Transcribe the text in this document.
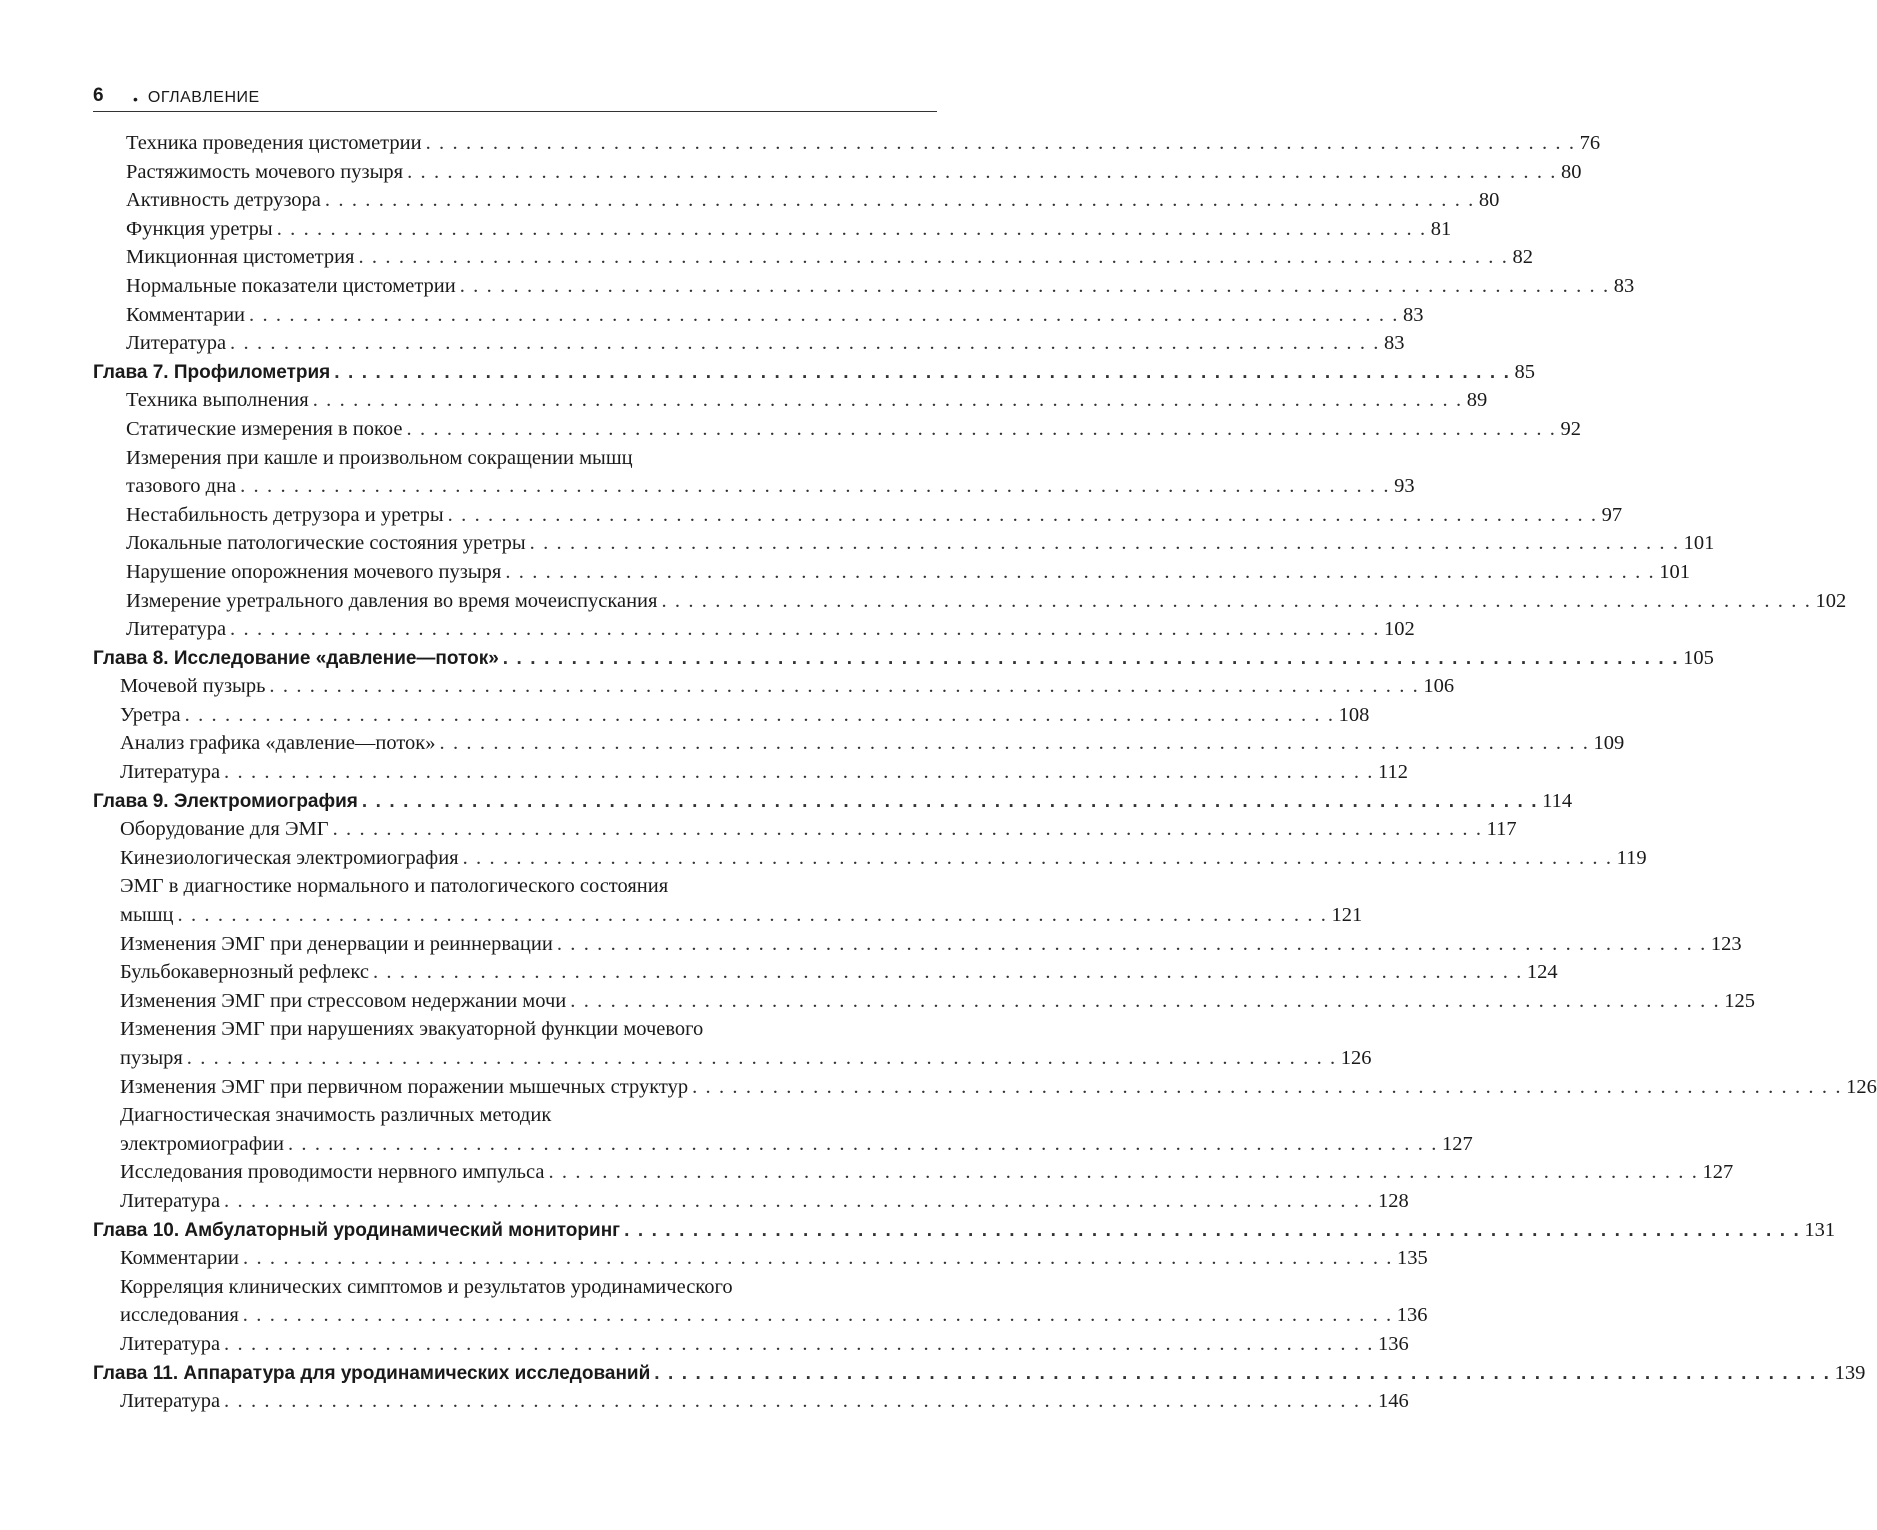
6	• ОГЛАВЛЕНИЕ
Техника проведения цистометрии . . . . . . . . . . . . . . . . . . . . . . . . . . . . . . . . . . . . . . . . . . . . . . . . . . . . . . . . . . . . . . . . . . . . . . . . . . . . . . . . . . . . . . 76
Растяжимость мочевого пузыря . . . . . . . . . . . . . . . . . . . . . . . . . . . . . . . . . . . . . . . . . . . . . . . . . . . . . . . . . . . . . . . . . . . . . . . . . . . . . . . . . . . . . . 80
Активность детрузора . . . . . . . . . . . . . . . . . . . . . . . . . . . . . . . . . . . . . . . . . . . . . . . . . . . . . . . . . . . . . . . . . . . . . . . . . . . . . . . . . . . . . . 80
Функция уретры . . . . . . . . . . . . . . . . . . . . . . . . . . . . . . . . . . . . . . . . . . . . . . . . . . . . . . . . . . . . . . . . . . . . . . . . . . . . . . . . . . . . . . 81
Микционная цистометрия . . . . . . . . . . . . . . . . . . . . . . . . . . . . . . . . . . . . . . . . . . . . . . . . . . . . . . . . . . . . . . . . . . . . . . . . . . . . . . . . . . . . . . 82
Нормальные показатели цистометрии . . . . . . . . . . . . . . . . . . . . . . . . . . . . . . . . . . . . . . . . . . . . . . . . . . . . . . . . . . . . . . . . . . . . . . . . . . . . . . . . . . . . . . 83
Комментарии . . . . . . . . . . . . . . . . . . . . . . . . . . . . . . . . . . . . . . . . . . . . . . . . . . . . . . . . . . . . . . . . . . . . . . . . . . . . . . . . . . . . . . 83
Литература . . . . . . . . . . . . . . . . . . . . . . . . . . . . . . . . . . . . . . . . . . . . . . . . . . . . . . . . . . . . . . . . . . . . . . . . . . . . . . . . . . . . . . 83
Глава 7. Профилометрия . . . . . . . . . . . . . . . . . . . . . . . . . . . . . . . . . . . . . . . . . . . . . . . . . . . . . . . . . . . . . . . . . . . . . . . . . . . . . . . . . . . . . . 85
Техника выполнения . . . . . . . . . . . . . . . . . . . . . . . . . . . . . . . . . . . . . . . . . . . . . . . . . . . . . . . . . . . . . . . . . . . . . . . . . . . . . . . . . . . . . . 89
Статические измерения в покое . . . . . . . . . . . . . . . . . . . . . . . . . . . . . . . . . . . . . . . . . . . . . . . . . . . . . . . . . . . . . . . . . . . . . . . . . . . . . . . . . . . . . . 92
Измерения при кашле и произвольном сокращении мышц
тазового дна . . . . . . . . . . . . . . . . . . . . . . . . . . . . . . . . . . . . . . . . . . . . . . . . . . . . . . . . . . . . . . . . . . . . . . . . . . . . . . . . . . . . . . 93
Нестабильность детрузора и уретры . . . . . . . . . . . . . . . . . . . . . . . . . . . . . . . . . . . . . . . . . . . . . . . . . . . . . . . . . . . . . . . . . . . . . . . . . . . . . . . . . . . . . . 97
Локальные патологические состояния уретры . . . . . . . . . . . . . . . . . . . . . . . . . . . . . . . . . . . . . . . . . . . . . . . . . . . . . . . . . . . . . . . . . . . . . . . . . . . . . . . . . . . . . . 101
Нарушение опорожнения мочевого пузыря . . . . . . . . . . . . . . . . . . . . . . . . . . . . . . . . . . . . . . . . . . . . . . . . . . . . . . . . . . . . . . . . . . . . . . . . . . . . . . . . . . . . . . 101
Измерение уретрального давления во время мочеиспускания . . . . . . . . . . . . . . . . . . . . . . . . . . . . . . . . . . . . . . . . . . . . . . . . . . . . . . . . . . . . . . . . . . . . . . . . . . . . . . . . . . . . . . 102
Литература . . . . . . . . . . . . . . . . . . . . . . . . . . . . . . . . . . . . . . . . . . . . . . . . . . . . . . . . . . . . . . . . . . . . . . . . . . . . . . . . . . . . . . 102
Глава 8. Исследование «давление—поток» . . . . . . . . . . . . . . . . . . . . . . . . . . . . . . . . . . . . . . . . . . . . . . . . . . . . . . . . . . . . . . . . . . . . . . . . . . . . . . . . . . . . . . 105
Мочевой пузырь . . . . . . . . . . . . . . . . . . . . . . . . . . . . . . . . . . . . . . . . . . . . . . . . . . . . . . . . . . . . . . . . . . . . . . . . . . . . . . . . . . . . . . 106
Уретра . . . . . . . . . . . . . . . . . . . . . . . . . . . . . . . . . . . . . . . . . . . . . . . . . . . . . . . . . . . . . . . . . . . . . . . . . . . . . . . . . . . . . . 108
Анализ графика «давление—поток» . . . . . . . . . . . . . . . . . . . . . . . . . . . . . . . . . . . . . . . . . . . . . . . . . . . . . . . . . . . . . . . . . . . . . . . . . . . . . . . . . . . . . . 109
Литература . . . . . . . . . . . . . . . . . . . . . . . . . . . . . . . . . . . . . . . . . . . . . . . . . . . . . . . . . . . . . . . . . . . . . . . . . . . . . . . . . . . . . . 112
Глава 9. Электромиография . . . . . . . . . . . . . . . . . . . . . . . . . . . . . . . . . . . . . . . . . . . . . . . . . . . . . . . . . . . . . . . . . . . . . . . . . . . . . . . . . . . . . . 114
Оборудование для ЭМГ . . . . . . . . . . . . . . . . . . . . . . . . . . . . . . . . . . . . . . . . . . . . . . . . . . . . . . . . . . . . . . . . . . . . . . . . . . . . . . . . . . . . . . 117
Кинезиологическая электромиография . . . . . . . . . . . . . . . . . . . . . . . . . . . . . . . . . . . . . . . . . . . . . . . . . . . . . . . . . . . . . . . . . . . . . . . . . . . . . . . . . . . . . . 119
ЭМГ в диагностике нормального и патологического состояния
мышц . . . . . . . . . . . . . . . . . . . . . . . . . . . . . . . . . . . . . . . . . . . . . . . . . . . . . . . . . . . . . . . . . . . . . . . . . . . . . . . . . . . . . . 121
Изменения ЭМГ при денервации и реиннервации . . . . . . . . . . . . . . . . . . . . . . . . . . . . . . . . . . . . . . . . . . . . . . . . . . . . . . . . . . . . . . . . . . . . . . . . . . . . . . . . . . . . . . 123
Бульбокавернозный рефлекс . . . . . . . . . . . . . . . . . . . . . . . . . . . . . . . . . . . . . . . . . . . . . . . . . . . . . . . . . . . . . . . . . . . . . . . . . . . . . . . . . . . . . . 124
Изменения ЭМГ при стрессовом недержании мочи . . . . . . . . . . . . . . . . . . . . . . . . . . . . . . . . . . . . . . . . . . . . . . . . . . . . . . . . . . . . . . . . . . . . . . . . . . . . . . . . . . . . . . 125
Изменения ЭМГ при нарушениях эвакуаторной функции мочевого
пузыря . . . . . . . . . . . . . . . . . . . . . . . . . . . . . . . . . . . . . . . . . . . . . . . . . . . . . . . . . . . . . . . . . . . . . . . . . . . . . . . . . . . . . . 126
Изменения ЭМГ при первичном поражении мышечных структур . . . . . . . . . . . . . . . . . . . . . . . . . . . . . . . . . . . . . . . . . . . . . . . . . . . . . . . . . . . . . . . . . . . . . . . . . . . . . . . . . . . . . . 126
Диагностическая значимость различных методик
электромиографии . . . . . . . . . . . . . . . . . . . . . . . . . . . . . . . . . . . . . . . . . . . . . . . . . . . . . . . . . . . . . . . . . . . . . . . . . . . . . . . . . . . . . . 127
Исследования проводимости нервного импульса . . . . . . . . . . . . . . . . . . . . . . . . . . . . . . . . . . . . . . . . . . . . . . . . . . . . . . . . . . . . . . . . . . . . . . . . . . . . . . . . . . . . . . 127
Литература . . . . . . . . . . . . . . . . . . . . . . . . . . . . . . . . . . . . . . . . . . . . . . . . . . . . . . . . . . . . . . . . . . . . . . . . . . . . . . . . . . . . . . 128
Глава 10. Амбулаторный уродинамический мониторинг . . . . . . . . . . . . . . . . . . . . . . . . . . . . . . . . . . . . . . . . . . . . . . . . . . . . . . . . . . . . . . . . . . . . . . . . . . . . . . . . . . . . . . 131
Комментарии . . . . . . . . . . . . . . . . . . . . . . . . . . . . . . . . . . . . . . . . . . . . . . . . . . . . . . . . . . . . . . . . . . . . . . . . . . . . . . . . . . . . . . 135
Корреляция клинических симптомов и результатов уродинамического
исследования . . . . . . . . . . . . . . . . . . . . . . . . . . . . . . . . . . . . . . . . . . . . . . . . . . . . . . . . . . . . . . . . . . . . . . . . . . . . . . . . . . . . . . 136
Литература . . . . . . . . . . . . . . . . . . . . . . . . . . . . . . . . . . . . . . . . . . . . . . . . . . . . . . . . . . . . . . . . . . . . . . . . . . . . . . . . . . . . . . 136
Глава 11. Аппаратура для уродинамических исследований . . . . . . . . . . . . . . . . . . . . . . . . . . . . . . . . . . . . . . . . . . . . . . . . . . . . . . . . . . . . . . . . . . . . . . . . . . . . . . . . . . . . . . 139
Литература . . . . . . . . . . . . . . . . . . . . . . . . . . . . . . . . . . . . . . . . . . . . . . . . . . . . . . . . . . . . . . . . . . . . . . . . . . . . . . . . . . . . . . 146
